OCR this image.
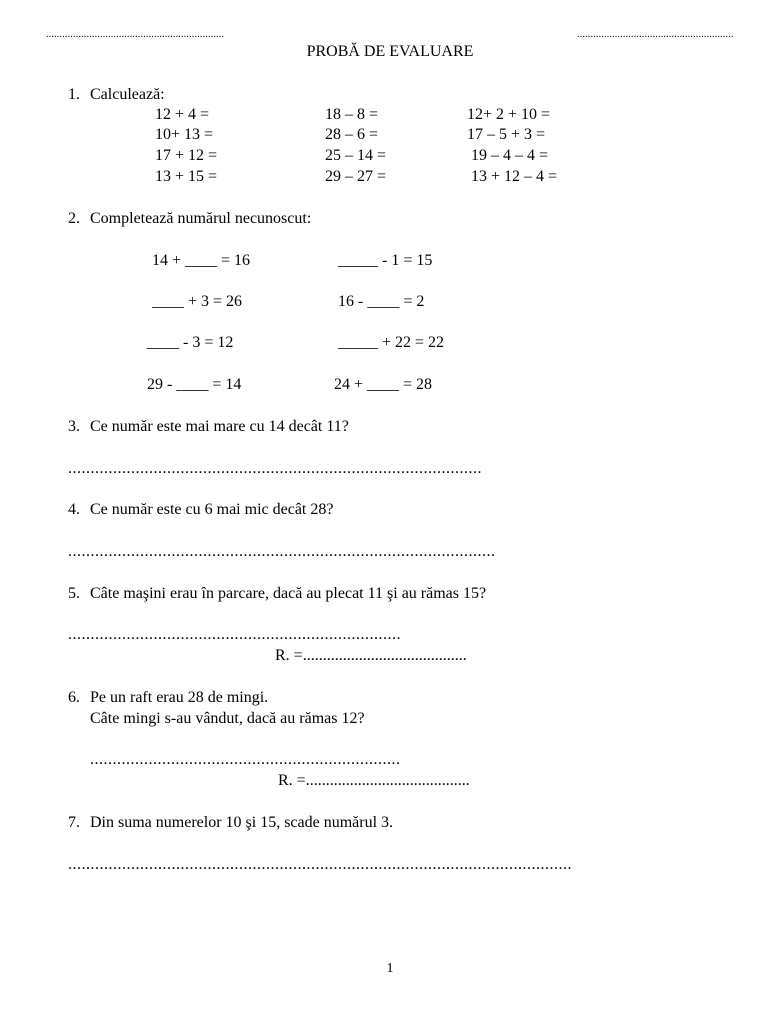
..................................................................	..........................................................
PROBĂ DE EVALUARE
1. Calculează:
12 + 4 =
10+ 13 =
17 + 12 =
13 + 15 =
18 – 8 =
28 – 6 =
25 – 14 =
29 – 27 =
12+ 2 + 10 =
17 – 5 + 3 =
19 – 4 – 4 =
13 + 12 – 4 =
2. Completează numărul necunoscut:
14 + ____ = 16
____ + 3 = 26
____ - 3 = 12
29 - ____ = 14
_____ - 1 = 15
16 - ____ = 2
_____ + 22 = 22
24 + ____ = 28
3. Ce număr este mai mare cu 14 decât 11?
............................................................................................
4. Ce număr este cu 6 mai mic decât 28?
...............................................................................................
5. Câte maşini erau în parcare, dacă au plecat 11 şi au rămas 15?
..........................................................................
R. =.........................................
6. Pe un raft erau 28 de mingi.
Câte mingi s-au vândut, dacă au rămas 12?
.....................................................................
R. =.........................................
7. Din suma numerelor 10 şi 15, scade numărul 3.
................................................................................................................
1
